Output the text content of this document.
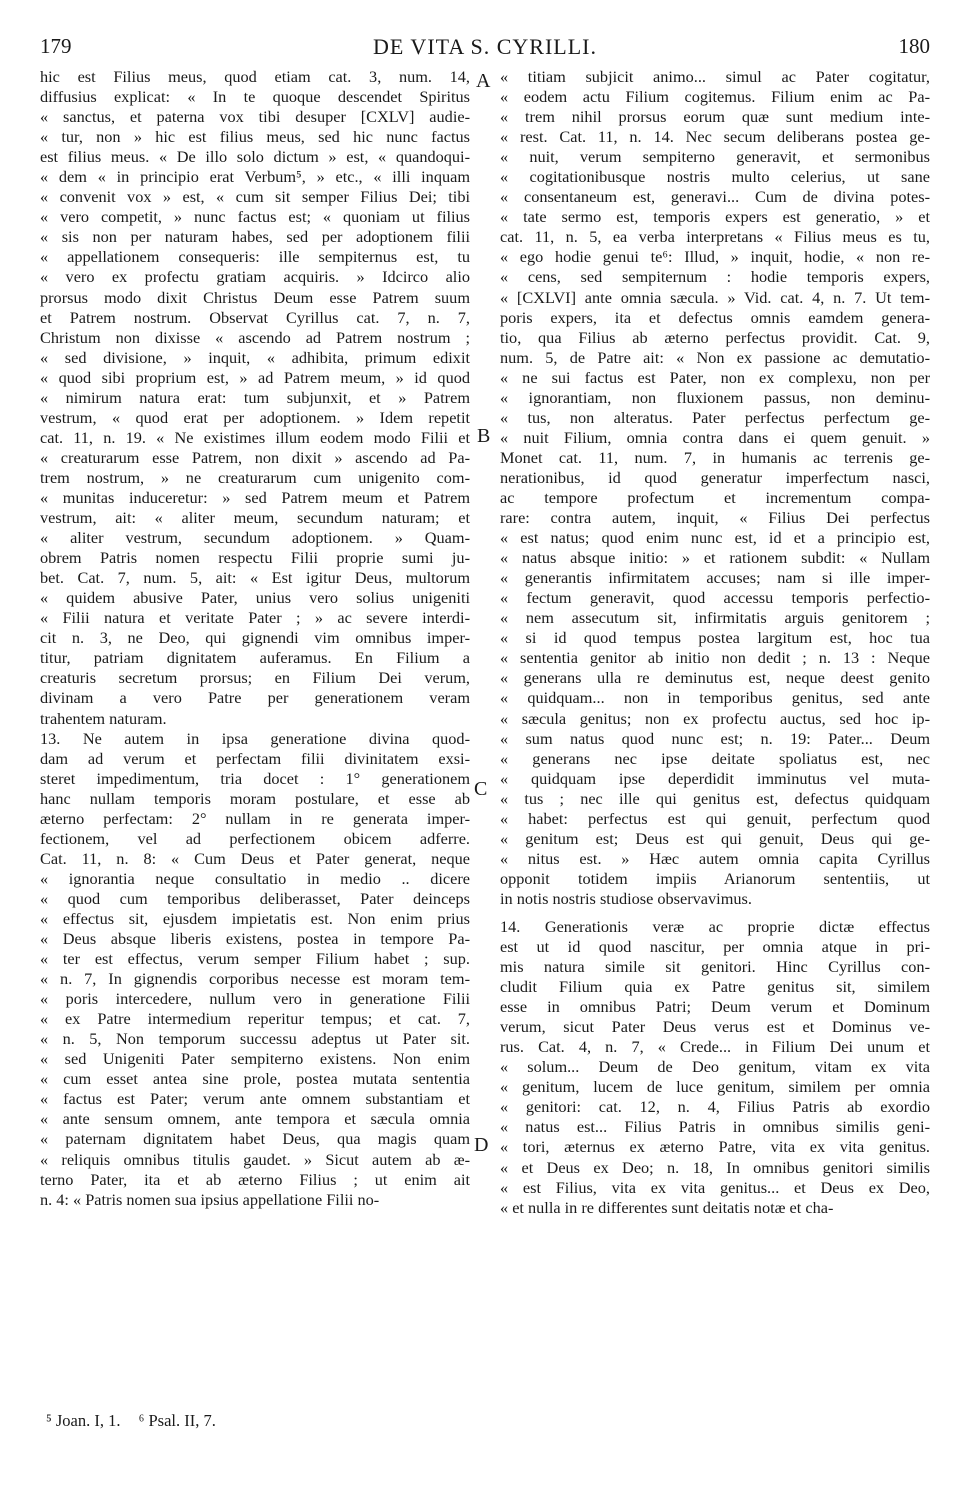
179	DE VITA S. CYRILLI.	180
hic est Filius meus, quod etiam cat. 3, num. 14,
diffusius explicat: « In te quoque descendet Spiritus
« sanctus, et paterna vox tibi desuper [CXLV] audie-
« tur, non » hic est filius meus, sed hic nunc factus
est filius meus. « De illo solo dictum » est, « quandoqui-
« dem « in principio erat Verbum⁵, » etc., « illi inquam
« convenit vox » est, « cum sit semper Filius Dei; tibi
« vero competit, » nunc factus est; « quoniam ut filius
« sis non per naturam habes, sed per adoptionem filii
« appellationem consequeris: ille sempiternus est, tu
« vero ex profectu gratiam acquiris. » Idcirco alio
prorsus modo dixit Christus Deum esse Patrem suum
et Patrem nostrum. Observat Cyrillus cat. 7, n. 7,
Christum non dixisse « ascendo ad Patrem nostrum ;
« sed divisione, » inquit, « adhibita, primum edixit
« quod sibi proprium est, » ad Patrem meum, » id quod
« nimirum natura erat: tum subjunxit, et » Patrem
vestrum, « quod erat per adoptionem. » Idem repetit
cat. 11, n. 19. « Ne existimes illum eodem modo Filii et
« creaturarum esse Patrem, non dixit » ascendo ad Pa-
trem nostrum, » ne creaturarum cum unigenito com-
« munitas induceretur: » sed Patrem meum et Patrem
vestrum, ait: « aliter meum, secundum naturam; et
« aliter vestrum, secundum adoptionem. » Quam-
obrem Patris nomen respectu Filii proprie sumi ju-
bet. Cat. 7, num. 5, ait: « Est igitur Deus, multorum
« quidem abusive Pater, unius vero solius unigeniti
« Filii natura et veritate Pater ; » ac severe interdi-
cit n. 3, ne Deo, qui gignendi vim omnibus imper-
titur, patriam dignitatem auferamus. En Filium a
creaturis secretum prorsus; en Filium Dei verum,
divinam a vero Patre per generationem veram
trahentem naturam.
13. Ne autem in ipsa generatione divina quod-
dam ad verum et perfectam filii divinitatem exsi-
steret impedimentum, tria docet : 1° generationem
hanc nullam temporis moram postulare, et esse ab
æterno perfectam: 2° nullam in re generata imper-
fectionem, vel ad perfectionem obicem adferre.
Cat. 11, n. 8: « Cum Deus et Pater generat, neque
« ignorantia neque consultatio in medio .. dicere
« quod cum temporibus deliberasset, Pater deinceps
« effectus sit, ejusdem impietatis est. Non enim prius
« Deus absque liberis existens, postea in tempore Pa-
« ter est effectus, verum semper Filium habet ; sup.
« n. 7, In gignendis corporibus necesse est moram tem-
« poris intercedere, nullum vero in generatione Filii
« ex Patre intermedium reperitur tempus; et cat. 7,
« n. 5, Non temporum successu adeptus ut Pater sit.
« sed Unigeniti Pater sempiterno existens. Non enim
« cum esset antea sine prole, postea mutata sententia
« factus est Pater; verum ante omnem substantiam et
« ante sensum omnem, ante tempora et sæcula omnia
« paternam dignitatem habet Deus, qua magis quam
« reliquis omnibus titulis gaudet. » Sicut autem ab æ-
terno Pater, ita et ab æterno Filius ; ut enim ait
n. 4: « Patris nomen sua ipsius appellatione Filii no-
« titiam subjicit animo... simul ac Pater cogitatur,
« eodem actu Filium cogitemus. Filium enim ac Pa-
« trem nihil prorsus eorum quæ sunt medium inte-
« rest. Cat. 11, n. 14. Nec secum deliberans postea ge-
« nuit, verum sempiterno generavit, et sermonibus
« cogitationibusque nostris multo celerius, ut sane
« consentaneum est, generavi... Cum de divina potes-
« tate sermo est, temporis expers est generatio, » et
cat. 11, n. 5, ea verba interpretans « Filius meus es tu,
« ego hodie genui te⁶: Illud, » inquit, hodie, « non re-
« cens, sed sempiternum : hodie temporis expers,
« [CXLVI] ante omnia sæcula. » Vid. cat. 4, n. 7. Ut tem-
poris expers, ita et defectus omnis eamdem genera-
tio, qua Filius ab æterno perfectus providit. Cat. 9,
num. 5, de Patre ait: « Non ex passione ac demutatio-
« ne sui factus est Pater, non ex complexu, non per
« ignorantiam, non fluxionem passus, non deminu-
« tus, non alteratus. Pater perfectus perfectum ge-
« nuit Filium, omnia contra dans ei quem genuit. »
Monet cat. 11, num. 7, in humanis ac terrenis ge-
nerationibus, id quod generatur imperfectum nasci,
ac tempore profectum et incrementum compa-
rare: contra autem, inquit, « Filius Dei perfectus
« est natus; quod enim nunc est, id et a principio est,
« natus absque initio: » et rationem subdit: « Nullam
« generantis infirmitatem accuses; nam si ille imper-
« fectum generavit, quod accessu temporis perfectio-
« nem assecutum sit, infirmitatis arguis genitorem ;
« si id quod tempus postea largitum est, hoc tua
« sententia genitor ab initio non dedit ; n. 13 : Neque
« generans ulla re deminutus est, neque deest genito
« quidquam... non in temporibus genitus, sed ante
« sæcula genitus; non ex profectu auctus, sed hoc ip-
« sum natus quod nunc est; n. 19: Pater... Deum
« generans nec ipse deitate spoliatus est, nec
« quidquam ipse deperdidit imminutus vel muta-
« tus ; nec ille qui genitus est, defectus quidquam
« habet: perfectus est qui genuit, perfectum quod
« genitum est; Deus est qui genuit, Deus qui ge-
« nitus est. » Hæc autem omnia capita Cyrillus
opponit totidem impiis Arianorum sententiis, ut
in notis nostris studiose observavimus.
14. Generationis veræ ac proprie dictæ effectus
est ut id quod nascitur, per omnia atque in pri-
mis natura simile sit genitori. Hinc Cyrillus con-
cludit Filium quia ex Patre genitus sit, similem
esse in omnibus Patri; Deum verum et Dominum
verum, sicut Pater Deus verus est et Dominus ve-
rus. Cat. 4, n. 7, « Crede... in Filium Dei unum et
« solum... Deum de Deo genitum, vitam ex vita
« genitum, lucem de luce genitum, similem per omnia
« genitori: cat. 12, n. 4, Filius Patris ab exordio
« natus est... Filius Patris in omnibus similis geni-
« tori, æternus ex æterno Patre, vita ex vita genitus.
« et Deus ex Deo; n. 18, In omnibus genitori similis
« est Filius, vita ex vita genitus... et Deus ex Deo,
« et nulla in re differentes sunt deitatis notæ et cha-
A
B
C
D
⁵ Joan. I, 1. ⁶ Psal. II, 7.
